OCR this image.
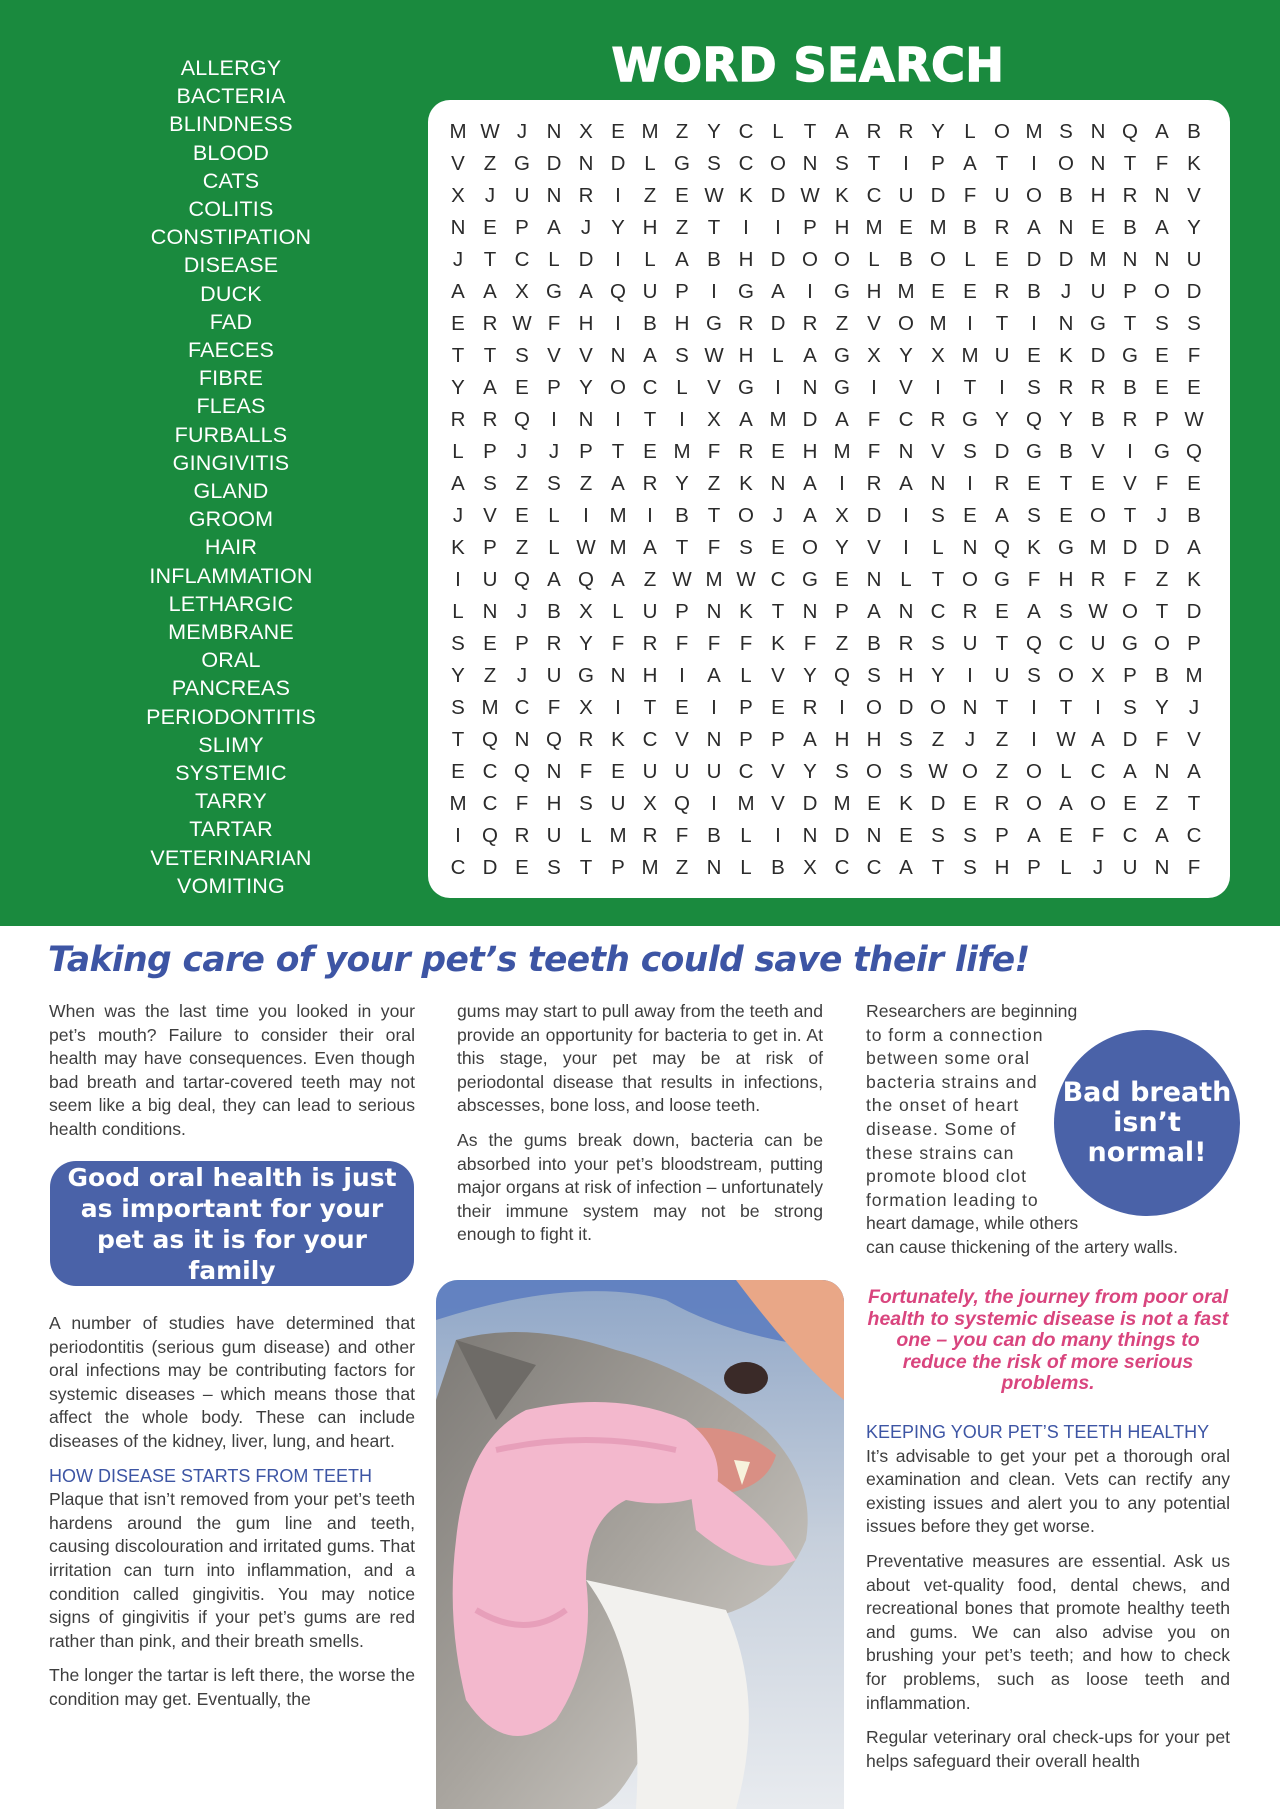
ALLERGY
BACTERIA
BLINDNESS
BLOOD
CATS
COLITIS
CONSTIPATION
DISEASE
DUCK
FAD
FAECES
FIBRE
FLEAS
FURBALLS
GINGIVITIS
GLAND
GROOM
HAIR
INFLAMMATION
LETHARGIC
MEMBRANE
ORAL
PANCREAS
PERIODONTITIS
SLIMY
SYSTEMIC
TARRY
TARTAR
VETERINARIAN
VOMITING
WORD SEARCH
M W J N X E M Z Y C L T A R R Y L O M S N Q A B
V Z G D N D L G S C O N S T	I	P A T	I	O N T F K
X J U N R	I	Z E W K D W K C U D F U O B H R N V
N E P A J Y H Z T	I	I	P H M E M B R A N E B A Y
J	T C L D	I	L A B H D O O L B O L E D D M N N U
A A X G A Q U P	I	G A	I	G H M E E R B J U P O D
E R W F H	I	B H G R D R Z V O M	I	T	I	N G T S S
T T S V V N A S W H L A G X Y X M U E K D G E F
Y A E P Y O C L V G	I	N G	I	V	I	T	I	S R R B E E
R R Q	I	N	I	T	I	X A M D A F C R G Y Q Y B R P W
L P J	J P T E M F R E H M F N V S D G B V	I	G Q
A S Z S Z A R Y Z K N A	I	R A N	I	R E T E V F E
J V E L	I	M	I	B T O J A X D	I	S E A S E O T	J B
K P Z L W M A T F S E O Y V	I	L N Q K G M D D A
I	U Q A Q A Z W M W C G E N L T O G F H R F Z K
L N J B X L U P N K T N P A N C R E A S W O T D
S E P R Y F R F F F K F Z B R S U T Q C U G O P
Y Z	J U G N H	I	A L V Y Q S H Y	I	U S O X P B M
S M C F X	I	T E	I	P E R	I	O D O N T	I	T	I	S Y J
T Q N Q R K C V N P P A H H S Z	J	Z	I W A D F V
E C Q N F E U U U C V Y S O S W O Z O L C A N A
M C F H S U X Q	I	M V D M E K D E R O A O E Z T
I	Q R U L M R F B L	I	N D N E S S P A E F C A C
C D E S T P M Z N L B X C C A T S H P L	J U N F
Taking care of your pet’s teeth could save their life!

When was the last time you looked in your pet’s mouth? Failure to consider their oral health may have consequences. Even though bad breath and tartar-covered teeth may not seem like a big deal, they can lead to serious health conditions.

Good oral health is just as important for your pet as it is for your family

A number of studies have determined that periodontitis (serious gum disease) and other oral infections may be contributing factors for systemic diseases – which means those that affect the whole body. These can include diseases of the kidney, liver, lung, and heart.

HOW DISEASE STARTS FROM TEETH

Plaque that isn’t removed from your pet’s teeth hardens around the gum line and teeth, causing discolouration and irritated gums. That irritation can turn into inflammation, and a condition called gingivitis. You may notice signs of gingivitis if your pet’s gums are red rather than pink, and their breath smells.

The longer the tartar is left there, the worse the condition may get. Eventually, the

gums may start to pull away from the teeth and provide an opportunity for bacteria to get in. At this stage, your pet may be at risk of periodontal disease that results in infections, abscesses, bone loss, and loose teeth.

As the gums break down, bacteria can be absorbed into your pet’s bloodstream, putting major organs at risk of infection – unfortunately their immune system may not be strong enough to fight it.

Researchers are beginning
to form a connection
between some oral
bacteria strains and
the onset of heart
disease. Some of
these strains can
promote blood clot
formation leading to
heart damage, while others
can cause thickening of the artery walls.
Bad breath isn’t normal!

Fortunately, the journey from poor oral health to systemic disease is not a fast one – you can do many things to reduce the risk of more serious problems.

KEEPING YOUR PET’S TEETH HEALTHY

It’s advisable to get your pet a thorough oral examination and clean. Vets can rectify any existing issues and alert you to any potential issues before they get worse.

Preventative measures are essential. Ask us about vet-quality food, dental chews, and recreational bones that promote healthy teeth and gums. We can also advise you on brushing your pet’s teeth; and how to check for problems, such as loose teeth and inflammation.

Regular veterinary oral check-ups for your pet helps safeguard their overall health
